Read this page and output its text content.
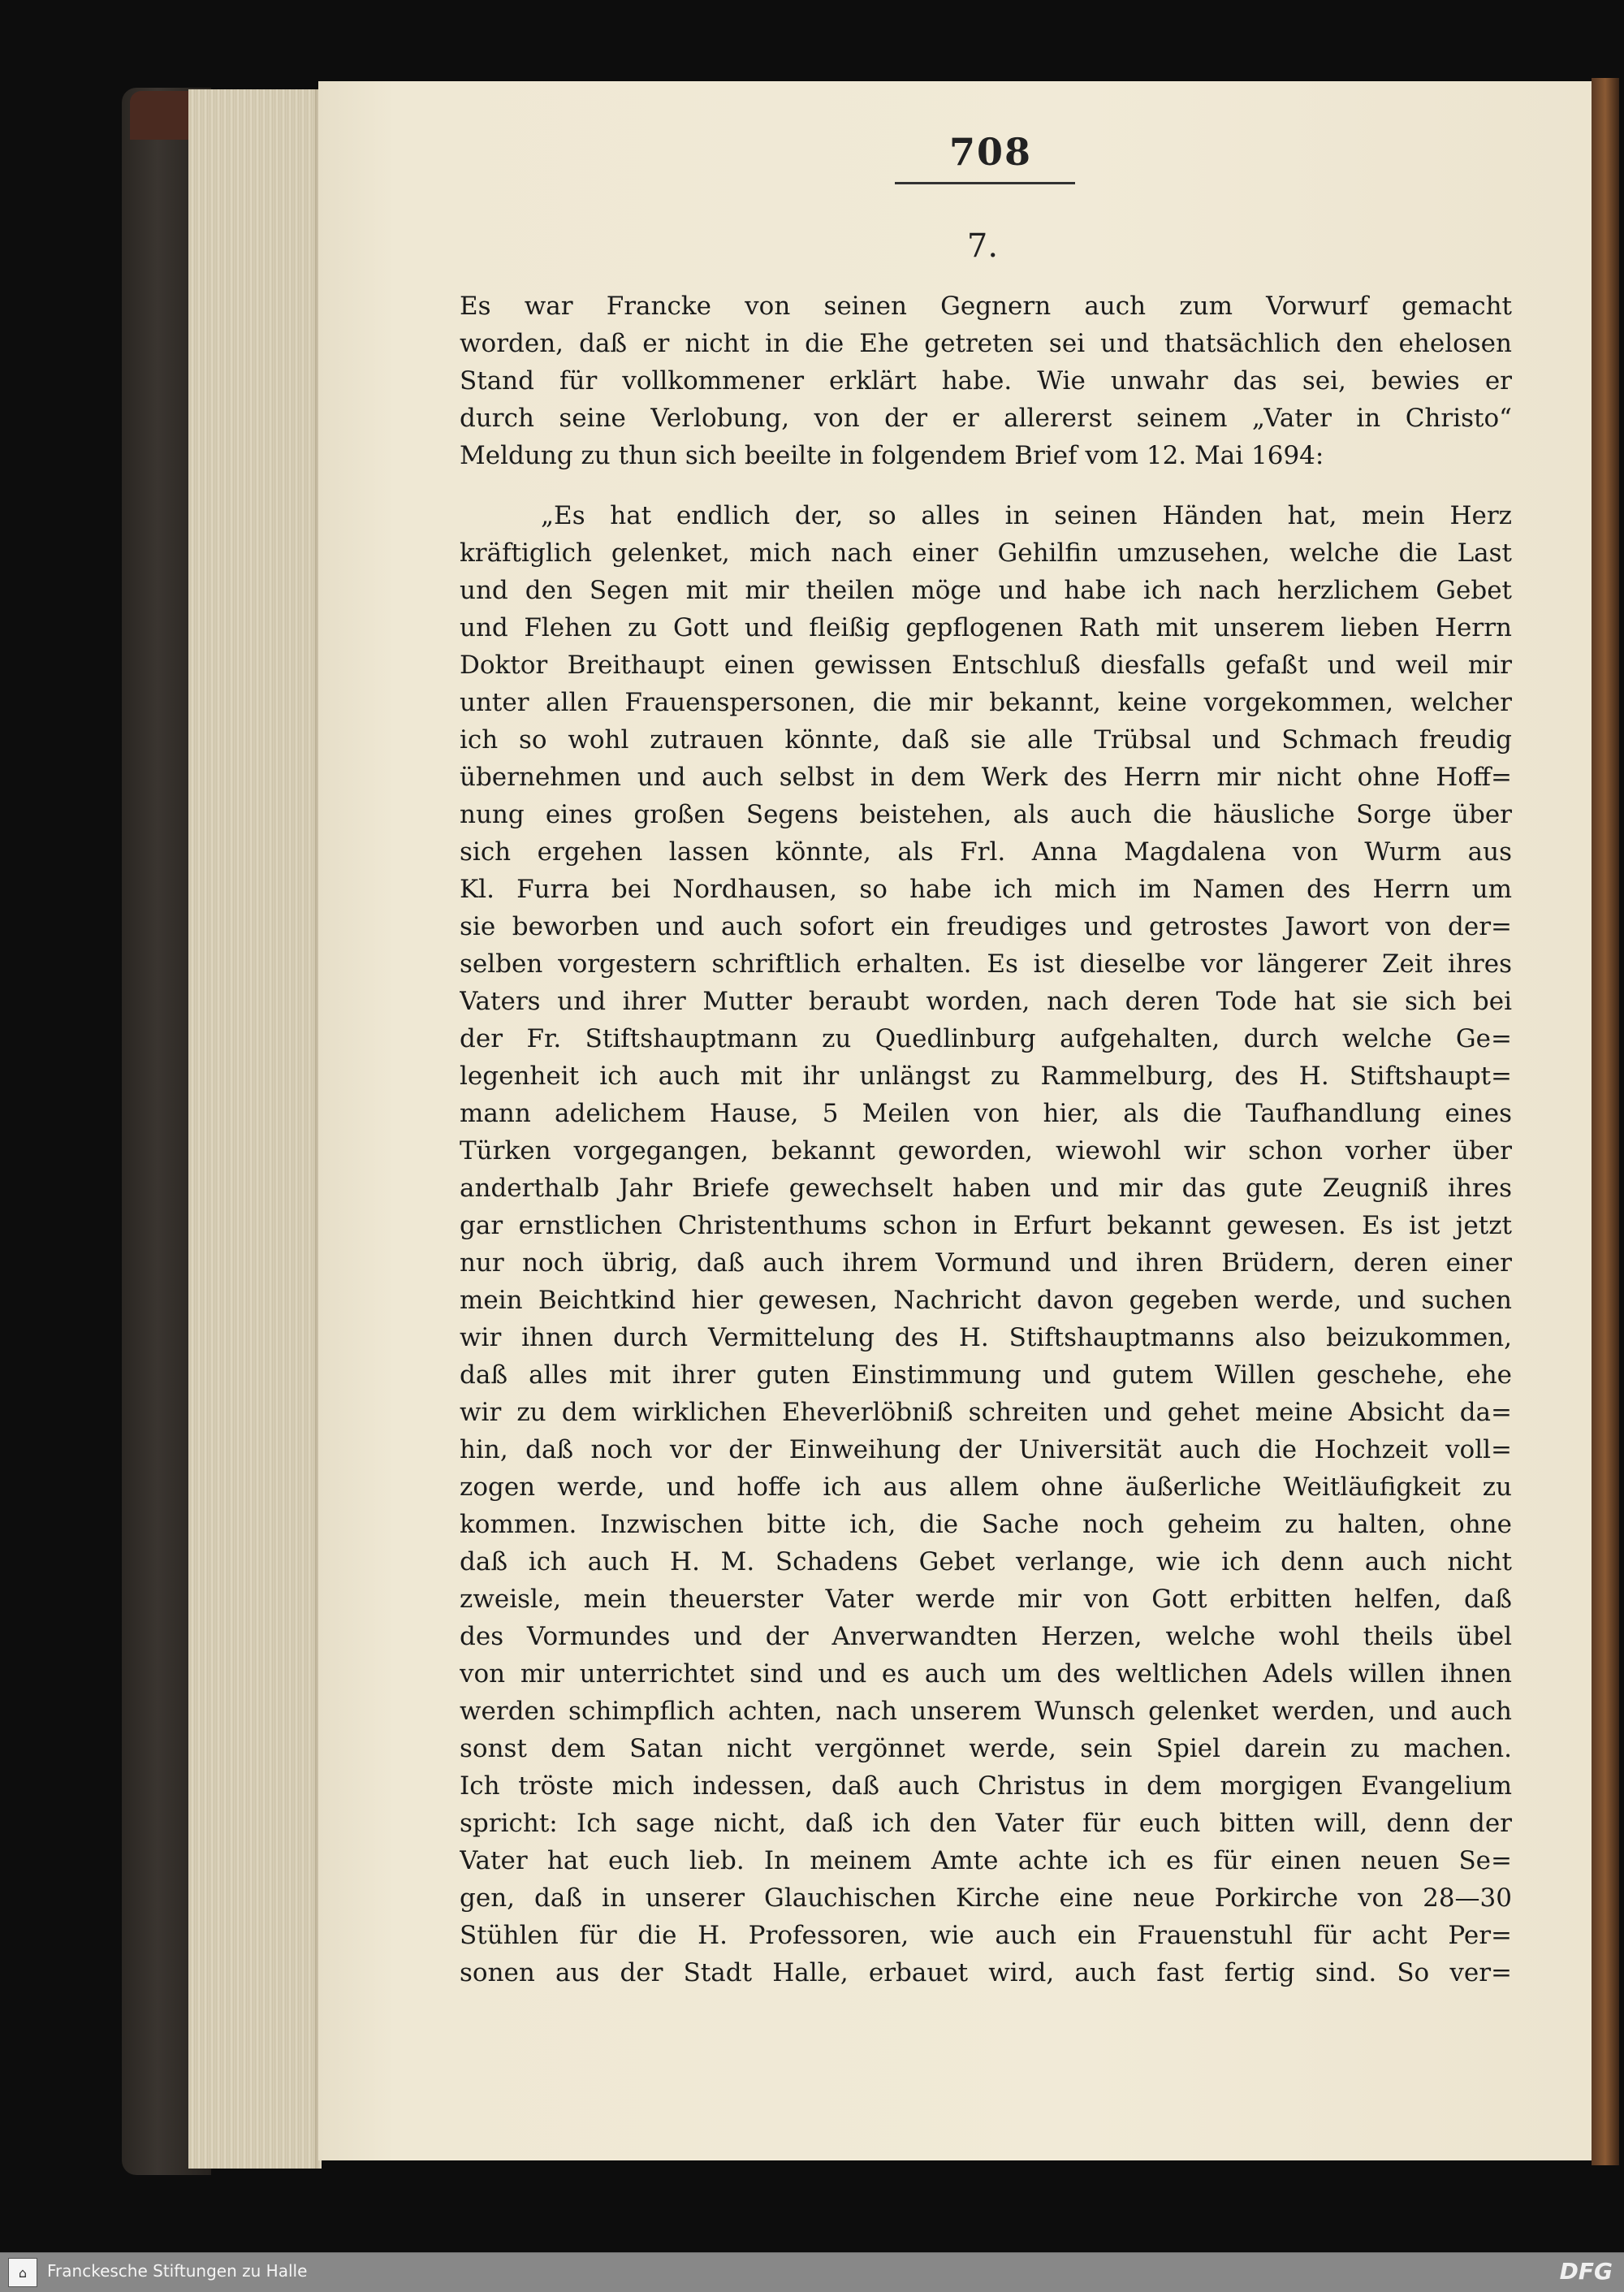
708
7.
Es war Francke von seinen Gegnern auch zum Vorwurf gemacht
worden, daß er nicht in die Ehe getreten sei und thatsächlich den ehelosen
Stand für vollkommener erklärt habe. Wie unwahr das sei, bewies er
durch seine Verlobung, von der er allererst seinem „Vater in Christo“
Meldung zu thun sich beeilte in folgendem Brief vom 12. Mai 1694:
„Es hat endlich der, so alles in seinen Händen hat, mein Herz
kräftiglich gelenket, mich nach einer Gehilfin umzusehen, welche die Last
und den Segen mit mir theilen möge und habe ich nach herzlichem Gebet
und Flehen zu Gott und fleißig gepflogenen Rath mit unserem lieben Herrn
Doktor Breithaupt einen gewissen Entschluß diesfalls gefaßt und weil mir
unter allen Frauenspersonen, die mir bekannt, keine vorgekommen, welcher
ich so wohl zutrauen könnte, daß sie alle Trübsal und Schmach freudig
übernehmen und auch selbst in dem Werk des Herrn mir nicht ohne Hoff=
nung eines großen Segens beistehen, als auch die häusliche Sorge über
sich ergehen lassen könnte, als Frl. Anna Magdalena von Wurm aus
Kl. Furra bei Nordhausen, so habe ich mich im Namen des Herrn um
sie beworben und auch sofort ein freudiges und getrostes Jawort von der=
selben vorgestern schriftlich erhalten. Es ist dieselbe vor längerer Zeit ihres
Vaters und ihrer Mutter beraubt worden, nach deren Tode hat sie sich bei
der Fr. Stiftshauptmann zu Quedlinburg aufgehalten, durch welche Ge=
legenheit ich auch mit ihr unlängst zu Rammelburg, des H. Stiftshaupt=
mann adelichem Hause, 5 Meilen von hier, als die Taufhandlung eines
Türken vorgegangen, bekannt geworden, wiewohl wir schon vorher über
anderthalb Jahr Briefe gewechselt haben und mir das gute Zeugniß ihres
gar ernstlichen Christenthums schon in Erfurt bekannt gewesen. Es ist jetzt
nur noch übrig, daß auch ihrem Vormund und ihren Brüdern, deren einer
mein Beichtkind hier gewesen, Nachricht davon gegeben werde, und suchen
wir ihnen durch Vermittelung des H. Stiftshauptmanns also beizukommen,
daß alles mit ihrer guten Einstimmung und gutem Willen geschehe, ehe
wir zu dem wirklichen Eheverlöbniß schreiten und gehet meine Absicht da=
hin, daß noch vor der Einweihung der Universität auch die Hochzeit voll=
zogen werde, und hoffe ich aus allem ohne äußerliche Weitläufigkeit zu
kommen. Inzwischen bitte ich, die Sache noch geheim zu halten, ohne
daß ich auch H. M. Schadens Gebet verlange, wie ich denn auch nicht
zweisle, mein theuerster Vater werde mir von Gott erbitten helfen, daß
des Vormundes und der Anverwandten Herzen, welche wohl theils übel
von mir unterrichtet sind und es auch um des weltlichen Adels willen ihnen
werden schimpflich achten, nach unserem Wunsch gelenket werden, und auch
sonst dem Satan nicht vergönnet werde, sein Spiel darein zu machen.
Ich tröste mich indessen, daß auch Christus in dem morgigen Evangelium
spricht: Ich sage nicht, daß ich den Vater für euch bitten will, denn der
Vater hat euch lieb. In meinem Amte achte ich es für einen neuen Se=
gen, daß in unserer Glauchischen Kirche eine neue Porkirche von 28—30
Stühlen für die H. Professoren, wie auch ein Frauenstuhl für acht Per=
sonen aus der Stadt Halle, erbauet wird, auch fast fertig sind. So ver=
⌂	Franckesche Stiftungen zu Halle	DFG
